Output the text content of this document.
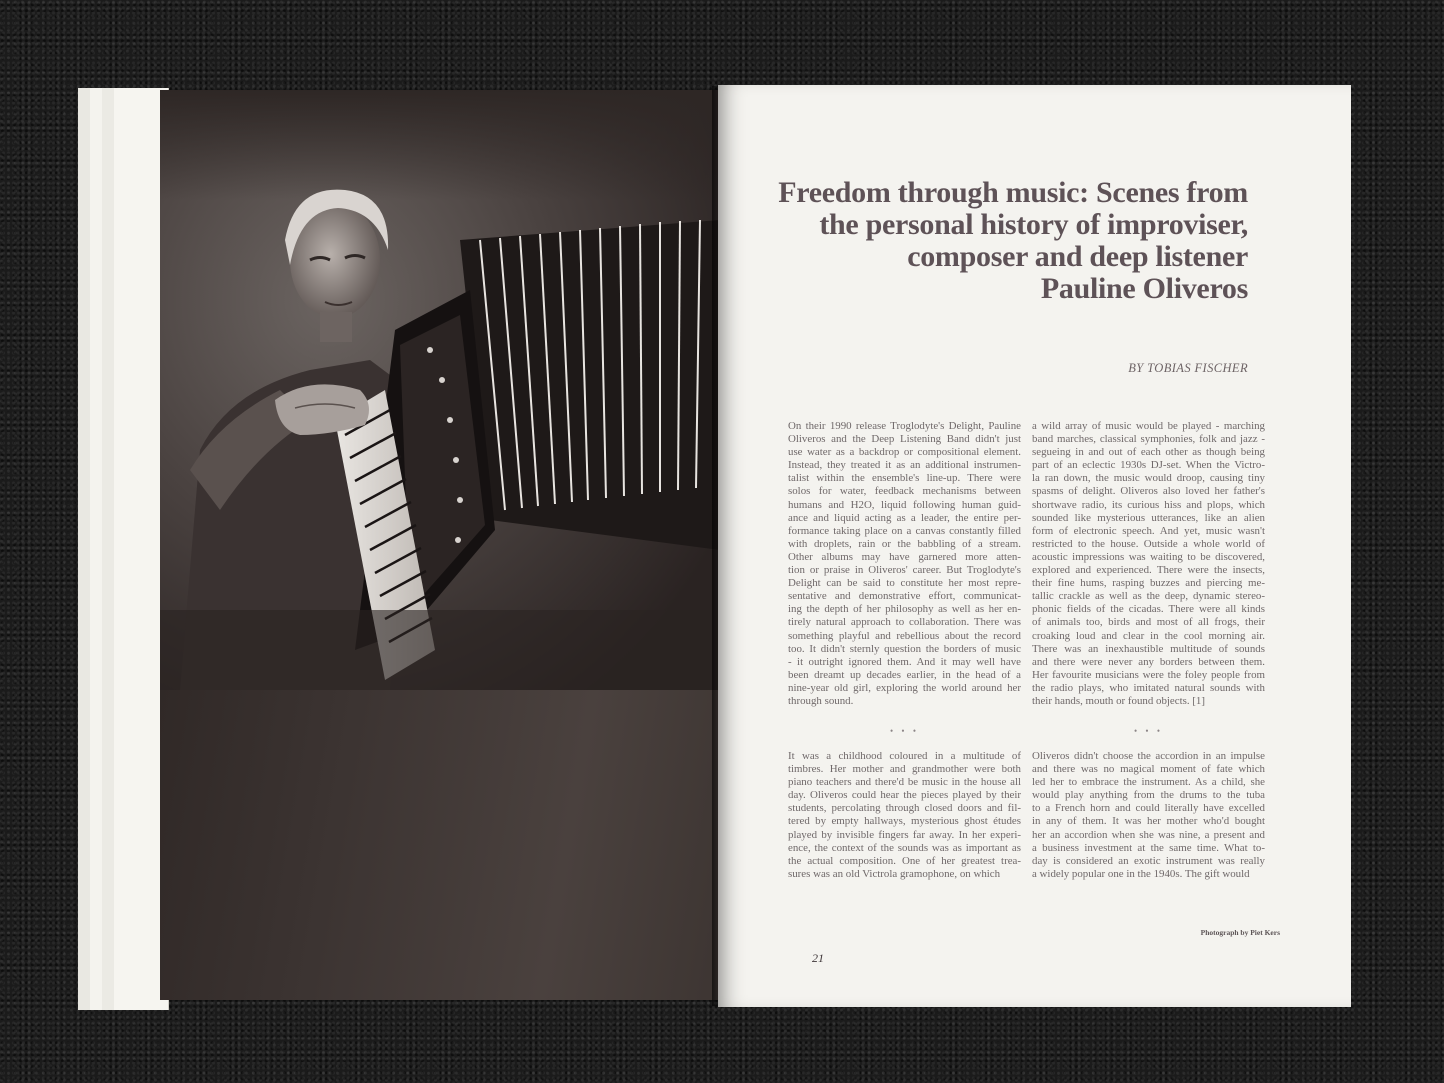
Freedom through music: Scenes from
the personal history of improviser,
composer and deep listener
Pauline Oliveros
BY TOBIAS FISCHER
On their 1990 release Troglodyte's Delight, Pauline
Oliveros and the Deep Listening Band didn't just
use water as a backdrop or compositional element.
Instead, they treated it as an additional instrumen-
talist within the ensemble's line-up. There were
solos for water, feedback mechanisms between
humans and H2O, liquid following human guid-
ance and liquid acting as a leader, the entire per-
formance taking place on a canvas constantly filled
with droplets, rain or the babbling of a stream.
Other albums may have garnered more atten-
tion or praise in Oliveros' career. But Troglodyte's
Delight can be said to constitute her most repre-
sentative and demonstrative effort, communicat-
ing the depth of her philosophy as well as her en-
tirely natural approach to collaboration. There was
something playful and rebellious about the record
too. It didn't sternly question the borders of music
- it outright ignored them. And it may well have
been dreamt up decades earlier, in the head of a
nine-year old girl, exploring the world around her
through sound.
a wild array of music would be played - marching
band marches, classical symphonies, folk and jazz -
segueing in and out of each other as though being
part of an eclectic 1930s DJ-set. When the Victro-
la ran down, the music would droop, causing tiny
spasms of delight. Oliveros also loved her father's
shortwave radio, its curious hiss and plops, which
sounded like mysterious utterances, like an alien
form of electronic speech. And yet, music wasn't
restricted to the house. Outside a whole world of
acoustic impressions was waiting to be discovered,
explored and experienced. There were the insects,
their fine hums, rasping buzzes and piercing me-
tallic crackle as well as the deep, dynamic stereo-
phonic fields of the cicadas. There were all kinds
of animals too, birds and most of all frogs, their
croaking loud and clear in the cool morning air.
There was an inexhaustible multitude of sounds
and there were never any borders between them.
Her favourite musicians were the foley people from
the radio plays, who imitated natural sounds with
their hands, mouth or found objects. [1]
• • •	• • •
It was a childhood coloured in a multitude of
timbres. Her mother and grandmother were both
piano teachers and there'd be music in the house all
day. Oliveros could hear the pieces played by their
students, percolating through closed doors and fil-
tered by empty hallways, mysterious ghost études
played by invisible fingers far away. In her experi-
ence, the context of the sounds was as important as
the actual composition. One of her greatest trea-
sures was an old Victrola gramophone, on which
Oliveros didn't choose the accordion in an impulse
and there was no magical moment of fate which
led her to embrace the instrument. As a child, she
would play anything from the drums to the tuba
to a French horn and could literally have excelled
in any of them. It was her mother who'd bought
her an accordion when she was nine, a present and
a business investment at the same time. What to-
day is considered an exotic instrument was really
a widely popular one in the 1940s. The gift would
Photograph by Piet Kers
21
